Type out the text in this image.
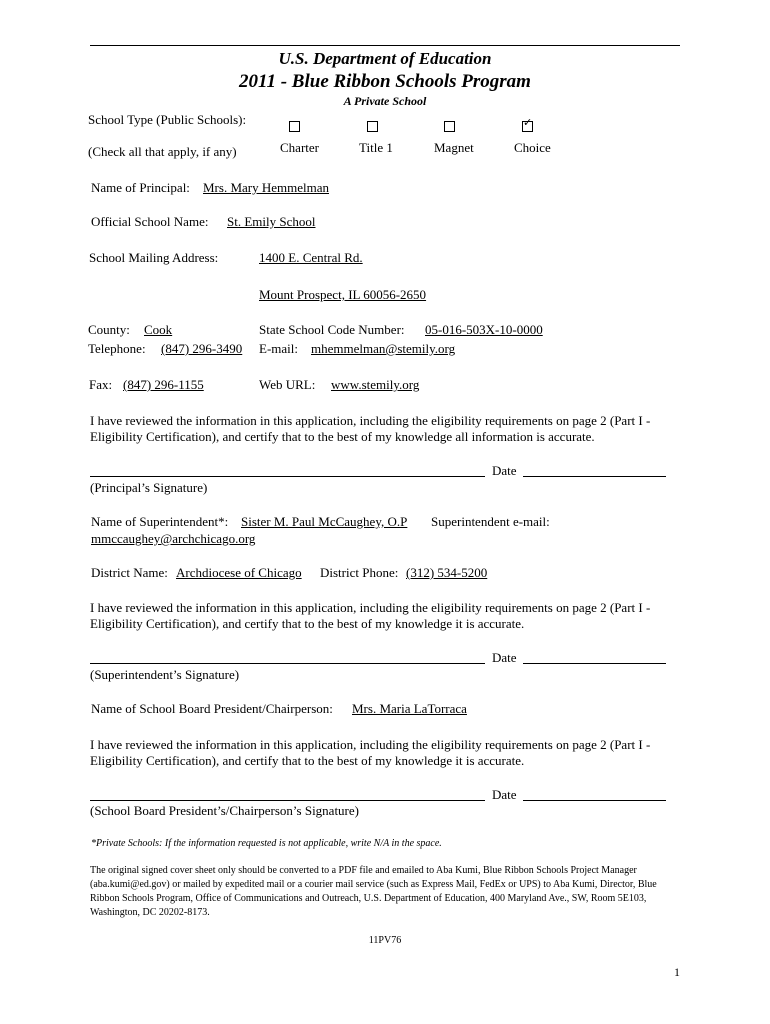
U.S. Department of Education
2011 - Blue Ribbon Schools Program
A Private School
School Type (Public Schools):
(Check all that apply, if any)
✓
Charter	Title 1	Magnet	Choice
Name of Principal: Mrs. Mary Hemmelman
Official School Name: St. Emily School
School Mailing Address:	1400 E. Central Rd.
Mount Prospect, IL 60056-2650
County: Cook	State School Code Number: 05-016-503X-10-0000
Telephone: (847) 296-3490 E-mail: mhemmelman@stemily.org
Fax: (847) 296-1155	Web URL: www.stemily.org
I have reviewed the information in this application, including the eligibility requirements on page 2 (Part I - Eligibility Certification), and certify that to the best of my knowledge all information is accurate.
Date
(Principal’s Signature)
Name of Superintendent*: Sister M. Paul McCaughey, O.P Superintendent e-mail:
mmccaughey@archchicago.org
District Name: Archdiocese of Chicago District Phone: (312) 534-5200
I have reviewed the information in this application, including the eligibility requirements on page 2 (Part I - Eligibility Certification), and certify that to the best of my knowledge it is accurate.
Date
(Superintendent’s Signature)
Name of School Board President/Chairperson: Mrs. Maria LaTorraca
I have reviewed the information in this application, including the eligibility requirements on page 2 (Part I - Eligibility Certification), and certify that to the best of my knowledge it is accurate.
Date
(School Board President’s/Chairperson’s Signature)
*Private Schools: If the information requested is not applicable, write N/A in the space.
The original signed cover sheet only should be converted to a PDF file and emailed to Aba Kumi, Blue Ribbon Schools Project Manager (aba.kumi@ed.gov) or mailed by expedited mail or a courier mail service (such as Express Mail, FedEx or UPS) to Aba Kumi, Director, Blue Ribbon Schools Program, Office of Communications and Outreach, U.S. Department of Education, 400 Maryland Ave., SW, Room 5E103, Washington, DC 20202-8173.
11PV76
1
